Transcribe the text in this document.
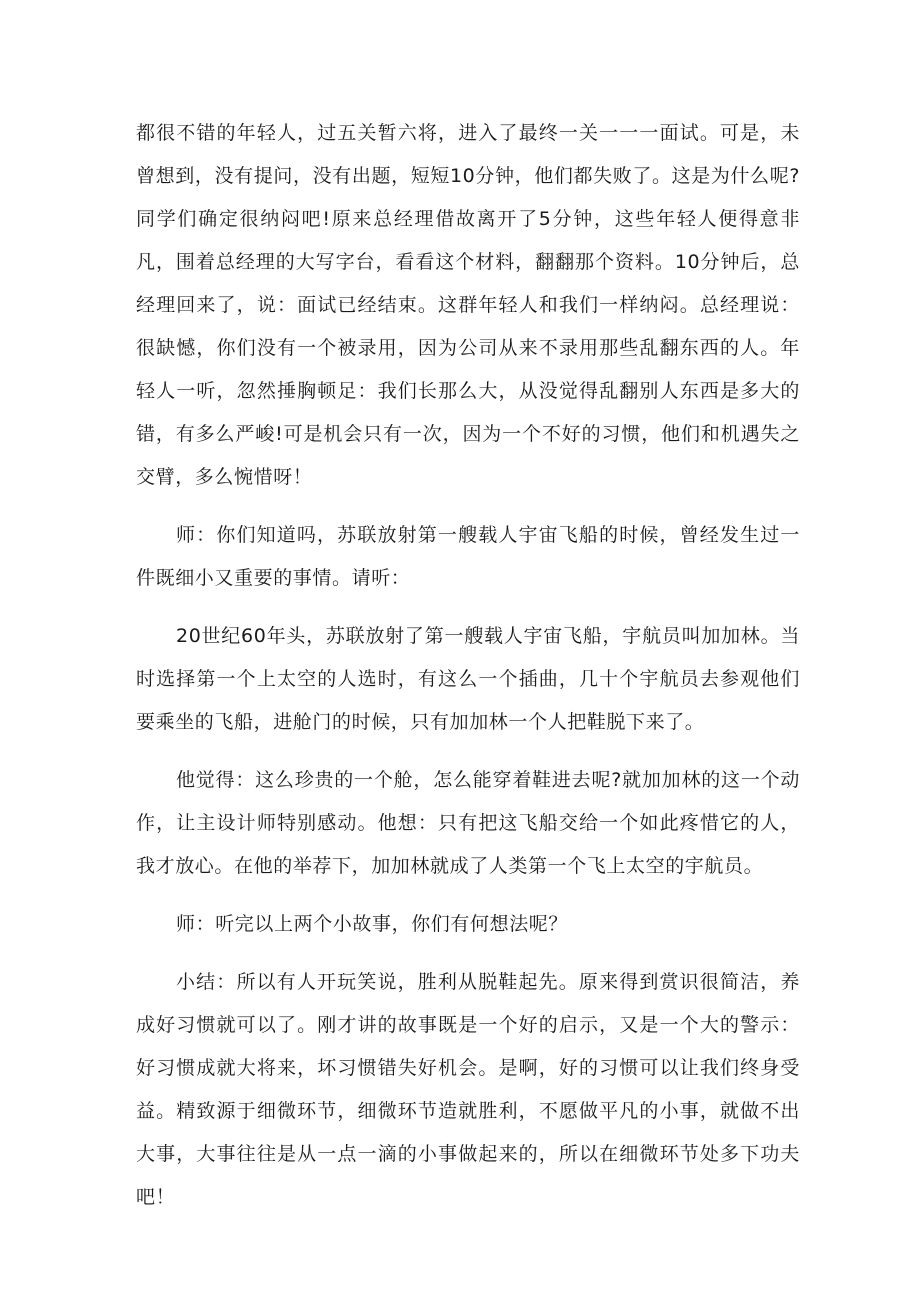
都很不错的年轻人，过五关暂六将，进入了最终一关一一一面试。可是，未曾想到，没有提问，没有出题，短短10分钟，他们都失败了。这是为什么呢?同学们确定很纳闷吧!原来总经理借故离开了5分钟，这些年轻人便得意非凡，围着总经理的大写字台，看看这个材料，翻翻那个资料。10分钟后，总经理回来了，说：面试已经结束。这群年轻人和我们一样纳闷。总经理说：很缺憾，你们没有一个被录用，因为公司从来不录用那些乱翻东西的人。年轻人一听，忽然捶胸顿足：我们长那么大，从没觉得乱翻别人东西是多大的错，有多么严峻!可是机会只有一次，因为一个不好的习惯，他们和机遇失之交臂，多么惋惜呀！

师：你们知道吗，苏联放射第一艘载人宇宙飞船的时候，曾经发生过一件既细小又重要的事情。请听：

20世纪60年头，苏联放射了第一艘载人宇宙飞船，宇航员叫加加林。当时选择第一个上太空的人选时，有这么一个插曲，几十个宇航员去参观他们要乘坐的飞船，进舱门的时候，只有加加林一个人把鞋脱下来了。

他觉得：这么珍贵的一个舱，怎么能穿着鞋进去呢?就加加林的这一个动作，让主设计师特别感动。他想：只有把这飞船交给一个如此疼惜它的人，我才放心。在他的举荐下，加加林就成了人类第一个飞上太空的宇航员。

师：听完以上两个小故事，你们有何想法呢？

小结：所以有人开玩笑说，胜利从脱鞋起先。原来得到赏识很简洁，养成好习惯就可以了。刚才讲的故事既是一个好的启示，又是一个大的警示：好习惯成就大将来，坏习惯错失好机会。是啊，好的习惯可以让我们终身受益。精致源于细微环节，细微环节造就胜利，不愿做平凡的小事，就做不出大事，大事往往是从一点一滴的小事做起来的，所以在细微环节处多下功夫吧！
